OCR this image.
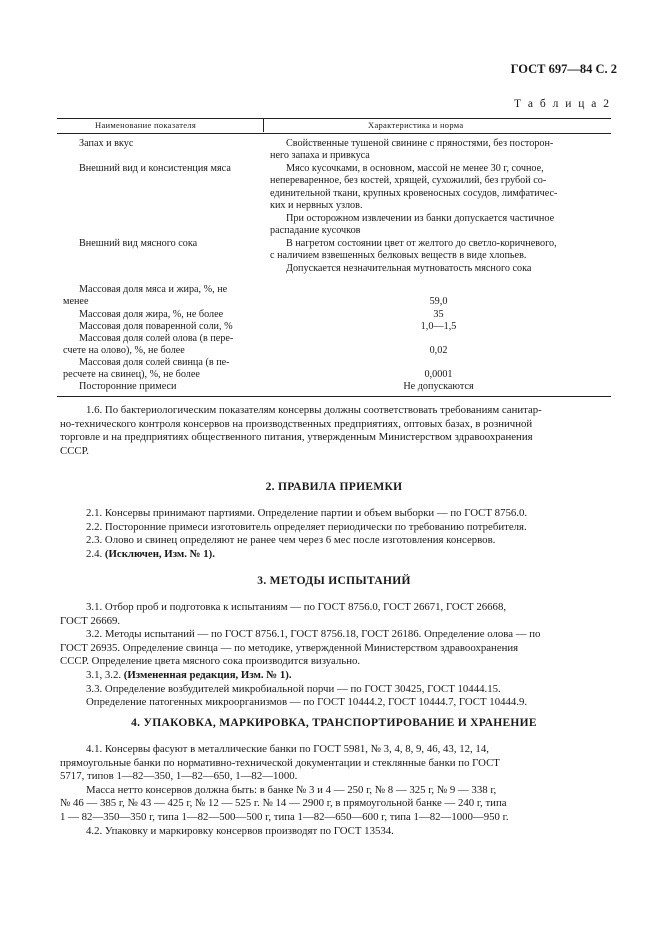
ГОСТ 697—84 С. 2
Т а б л и ц а 2
Наименование показателя	Характеристика и норма
Запах и вкус	Свойственные тушеной свинине с пряностями, без посторон-
него запаха и привкуса
Внешний вид и консистенция мяса	Мясо кусочками, в основном, массой не менее 30 г, сочное,
непереваренное, без костей, хрящей, сухожилий, без грубой со-
единительной ткани, крупных кровеносных сосудов, лимфатичес-
ких и нервных узлов.
При осторожном извлечении из банки допускается частичное
распадание кусочков
Внешний вид мясного сока	В нагретом состоянии цвет от желтого до светло-коричневого,
с наличием взвешенных белковых веществ в виде хлопьев.
Допускается незначительная мутноватость мясного сока
Массовая доля мяса и жира, %, не
менее	59,0
Массовая доля жира, %, не более	35
Массовая доля поваренной соли, %	1,0—1,5
Массовая доля солей олова (в пере-
счете на олово), %, не более	0,02
Массовая доля солей свинца (в пе-
ресчете на свинец), %, не более	0,0001
Посторонние примеси	Не допускаются

1.6. По бактериологическим показателям консервы должны соответствовать требованиям санитар-

но-технического контроля консервов на производственных предприятиях, оптовых базах, в розничной

торговле и на предприятиях общественного питания, утвержденным Министерством здравоохранения

СССР.

2. ПРАВИЛА ПРИЕМКИ

2.1. Консервы принимают партиями. Определение партии и объем выборки — по ГОСТ 8756.0.

2.2. Посторонние примеси изготовитель определяет периодически по требованию потребителя.

2.3. Олово и свинец определяют не ранее чем через 6 мес после изготовления консервов.

2.4. (Исключен, Изм. № 1).

3. МЕТОДЫ ИСПЫТАНИЙ

3.1. Отбор проб и подготовка к испытаниям — по ГОСТ 8756.0, ГОСТ 26671, ГОСТ 26668,

ГОСТ 26669.

3.2. Методы испытаний — по ГОСТ 8756.1, ГОСТ 8756.18, ГОСТ 26186. Определение олова — по

ГОСТ 26935. Определение свинца — по методике, утвержденной Министерством здравоохранения

СССР. Определение цвета мясного сока производится визуально.

3.1, 3.2. (Измененная редакция, Изм. № 1).

3.3. Определение возбудителей микробиальной порчи — по ГОСТ 30425, ГОСТ 10444.15.

Определение патогенных микроорганизмов — по ГОСТ 10444.2, ГОСТ 10444.7, ГОСТ 10444.9.

4. УПАКОВКА, МАРКИРОВКА, ТРАНСПОРТИРОВАНИЕ И ХРАНЕНИЕ

4.1. Консервы фасуют в металлические банки по ГОСТ 5981, № 3, 4, 8, 9, 46, 43, 12, 14,

прямоугольные банки по нормативно-технической документации и стеклянные банки по ГОСТ

5717, типов 1—82—350, 1—82—650, 1—82—1000.

Масса нетто консервов должна быть: в банке № 3 и 4 — 250 г, № 8 — 325 г, № 9 — 338 г,

№ 46 — 385 г, № 43 — 425 г, № 12 — 525 г. № 14 — 2900 г, в прямоугольной банке — 240 г, типа

1 — 82—350—350 г, типа 1—82—500—500 г, типа 1—82—650—600 г, типа 1—82—1000—950 г.

4.2. Упаковку и маркировку консервов производят по ГОСТ 13534.
